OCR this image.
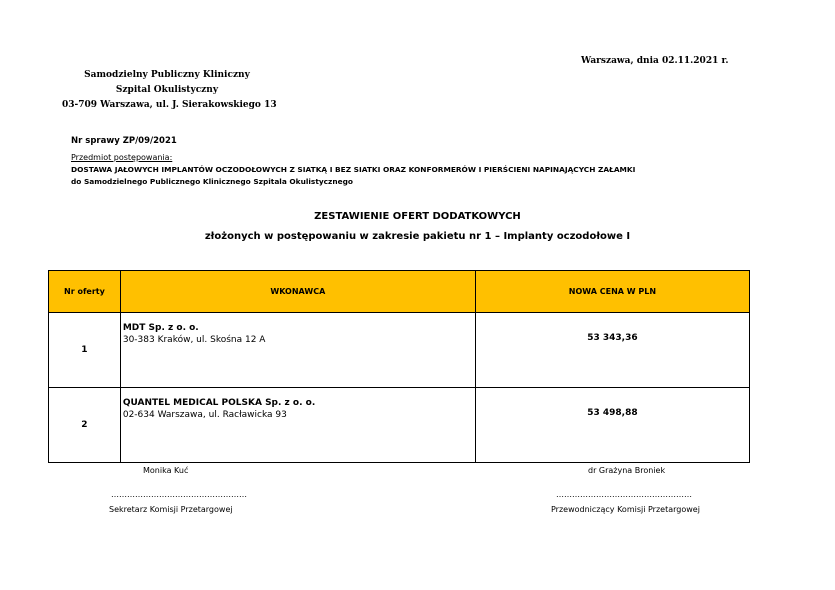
Warszawa, dnia 02.11.2021 r.
Samodzielny Publiczny Kliniczny
Szpital Okulistyczny
03-709 Warszawa, ul. J. Sierakowskiego 13
Nr sprawy ZP/09/2021
Przedmiot postępowania:
DOSTAWA JAŁOWYCH IMPLANTÓW OCZODOŁOWYCH Z SIATKĄ I BEZ SIATKI ORAZ KONFORMERÓW I PIERŚCIENI NAPINAJĄCYCH ZAŁAMKI
do Samodzielnego Publicznego Klinicznego Szpitala Okulistycznego
ZESTAWIENIE OFERT DODATKOWYCH
złożonych w postępowaniu w zakresie pakietu nr 1 – Implanty oczodołowe I
Nr oferty	WKONAWCA	NOWA CENA W PLN
1	MDT Sp. z o. o.
30-383 Kraków, ul. Skośna 12 A	53 343,36
2	QUANTEL MEDICAL POLSKA Sp. z o. o.
02-634 Warszawa, ul. Racławicka 93	53 498,88
Monika Kuć
……………………………………………
Sekretarz Komisji Przetargowej
dr Grażyna Broniek
……………………………………………
Przewodniczący Komisji Przetargowej
